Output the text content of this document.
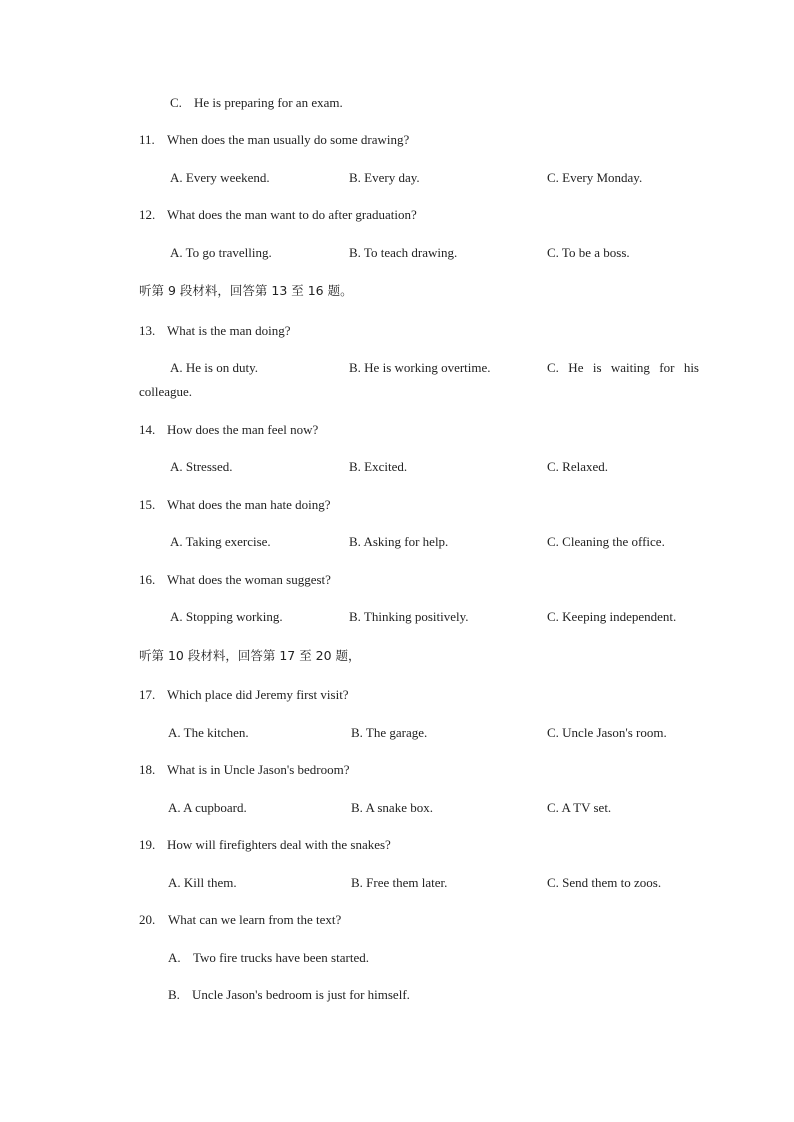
C. He is preparing for an exam.
11. When does the man usually do some drawing?
A. Every weekend.	B. Every day.	C. Every Monday.
12. What does the man want to do after graduation?
A. To go travelling.	B. To teach drawing.	C. To be a boss.
听第 9 段材料，回答第 13 至 16 题。
13. What is the man doing?
A. He is on duty.	B. He is working overtime.	C. He is waiting for his
colleague.
14. How does the man feel now?
A. Stressed.	B. Excited.	C. Relaxed.
15. What does the man hate doing?
A. Taking exercise.	B. Asking for help.	C. Cleaning the office.
16. What does the woman suggest?
A. Stopping working.	B. Thinking positively.	C. Keeping independent.
听第 10 段材料，回答第 17 至 20 题，
17. Which place did Jeremy first visit?
A. The kitchen.	B. The garage.	C. Uncle Jason's room.
18. What is in Uncle Jason's bedroom?
A. A cupboard.	B. A snake box.	C. A TV set.
19. How will firefighters deal with the snakes?
A. Kill them.	B. Free them later.	C. Send them to zoos.
20. What can we learn from the text?
A. Two fire trucks have been started.
B. Uncle Jason's bedroom is just for himself.
